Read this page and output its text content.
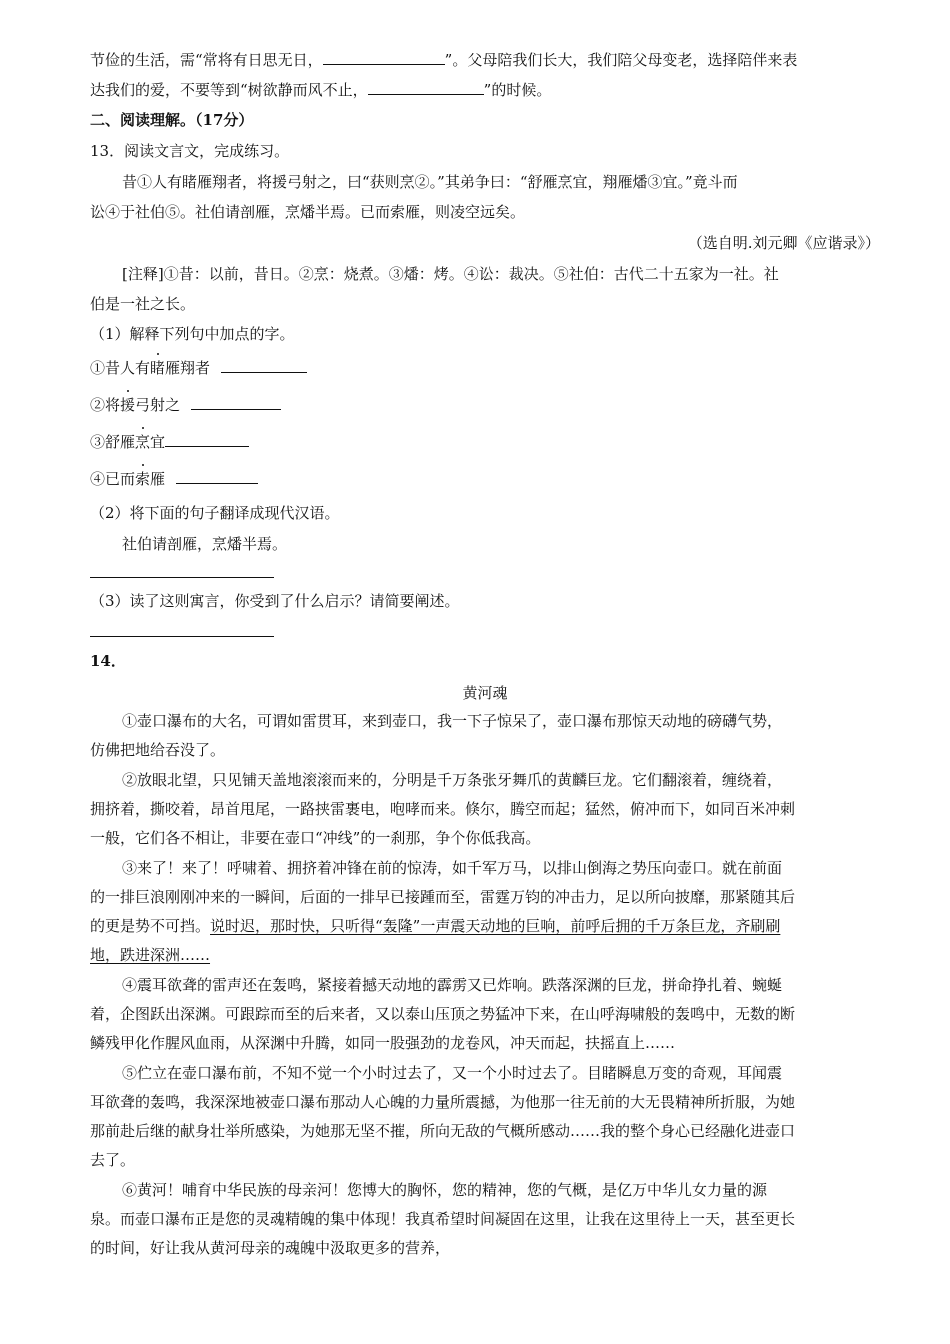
节俭的生活，需“常将有日思无日，	”。父母陪我们长大，我们陪父母变老，选择陪伴来表
达我们的爱，不要等到“树欲静而风不止，	”的时候。
二、阅读理解。（17分）
13．阅读文言文，完成练习。
昔①人有睹雁翔者，将援弓射之，曰“获则烹②。”其弟争曰：“舒雁烹宜，翔雁燔③宜。”竟斗而
讼④于社伯⑤。社伯请剖雁，烹燔半焉。已而索雁，则凌空远矣。
（选自明.刘元卿《应谐录》）
[注释]①昔：以前，昔日。②烹：烧煮。③燔：烤。④讼：裁决。⑤社伯：古代二十五家为一社。社
伯是一社之长。
（1）解释下列句中加点的字。
①昔人有睹雁翔者
②将援弓射之
③舒雁烹宜
④已而索雁
（2）将下面的句子翻译成现代汉语。
社伯请剖雁，烹燔半焉。
（3）读了这则寓言，你受到了什么启示？请简要阐述。
14．
黄河魂
①壶口瀑布的大名，可谓如雷贯耳，来到壶口，我一下子惊呆了，壶口瀑布那惊天动地的磅礴气势，
仿佛把地给吞没了。
②放眼北望，只见铺天盖地滚滚而来的，分明是千万条张牙舞爪的黄麟巨龙。它们翻滚着，缠绕着，
拥挤着，撕咬着，昂首甩尾，一路挟雷裹电，咆哮而来。倏尔，腾空而起；猛然，俯冲而下，如同百米冲刺
一般，它们各不相让，非要在壶口“冲线”的一刹那，争个你低我高。
③来了！来了！呼啸着、拥挤着冲锋在前的惊涛，如千军万马，以排山倒海之势压向壶口。就在前面
的一排巨浪刚刚冲来的一瞬间，后面的一排早已接踵而至，雷霆万钧的冲击力，足以所向披靡，那紧随其后
的更是势不可挡。说时迟，那时快，只听得“轰隆”一声震天动地的巨响，前呼后拥的千万条巨龙，齐刷刷
地，跌进深洲……
④震耳欲聋的雷声还在轰鸣，紧接着撼天动地的霹雳又已炸响。跌落深渊的巨龙，拼命挣扎着、蜿蜒
着，企图跃出深渊。可跟踪而至的后来者，又以泰山压顶之势猛冲下来，在山呼海啸般的轰鸣中，无数的断
鳞残甲化作腥风血雨，从深渊中升腾，如同一股强劲的龙卷风，冲天而起，扶摇直上……
⑤伫立在壶口瀑布前，不知不觉一个小时过去了，又一个小时过去了。目睹瞬息万变的奇观，耳闻震
耳欲聋的轰鸣，我深深地被壶口瀑布那动人心魄的力量所震撼，为他那一往无前的大无畏精神所折服，为她
那前赴后继的献身壮举所感染，为她那无坚不摧，所向无敌的气概所感动……我的整个身心已经融化进壶口
去了。
⑥黄河！哺育中华民族的母亲河！您博大的胸怀，您的精神，您的气概，是亿万中华儿女力量的源
泉。而壶口瀑布正是您的灵魂精魄的集中体现！我真希望时间凝固在这里，让我在这里待上一天，甚至更长
的时间，好让我从黄河母亲的魂魄中汲取更多的营养，
